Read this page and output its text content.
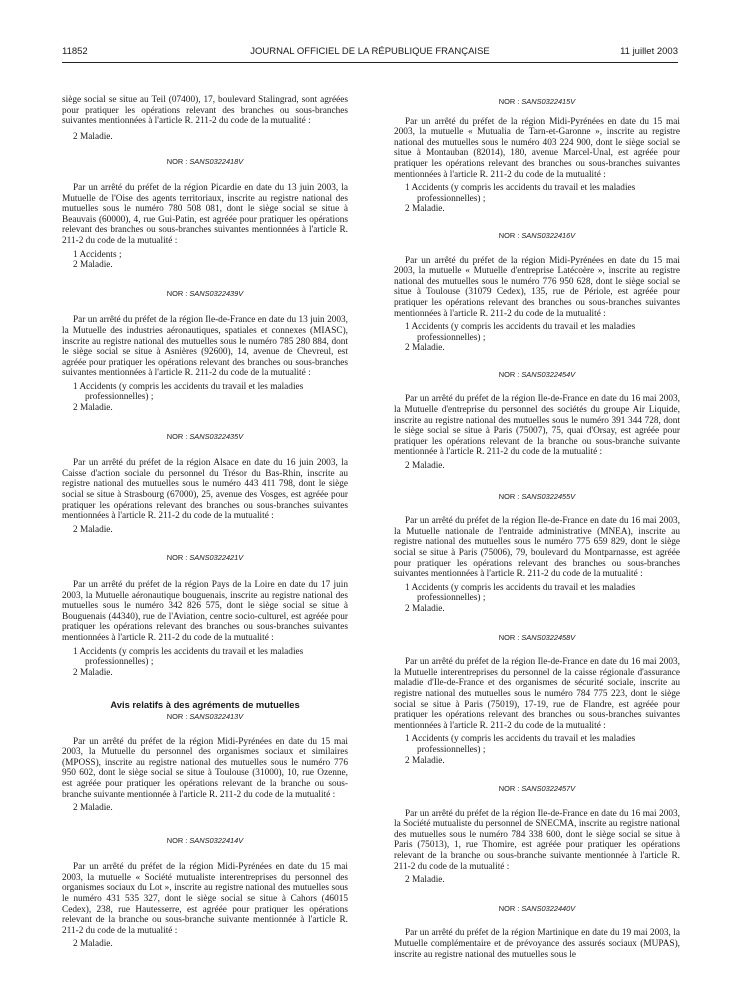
11852	JOURNAL OFFICIEL DE LA RÉPUBLIQUE FRANÇAISE	11 juillet 2003

siège social se situe au Teil (07400), 17, boulevard Stalingrad, sont agréées pour pratiquer les opérations relevant des branches ou sous-branches suivantes mentionnées à l'article R. 211-2 du code de la mutualité :

2 Maladie.

NOR : SANS0322418V

Par un arrêté du préfet de la région Picardie en date du 13 juin 2003, la Mutuelle de l'Oise des agents territoriaux, inscrite au registre national des mutuelles sous le numéro 780 508 081, dont le siège social se situe à Beauvais (60000), 4, rue Gui-Patin, est agréée pour pratiquer les opérations relevant des branches ou sous-branches suivantes mentionnées à l'article R. 211-2 du code de la mutualité :

1 Accidents ;

2 Maladie.

NOR : SANS0322439V

Par un arrêté du préfet de la région Ile-de-France en date du 13 juin 2003, la Mutuelle des industries aéronautiques, spatiales et connexes (MIASC), inscrite au registre national des mutuelles sous le numéro 785 280 884, dont le siège social se situe à Asnières (92600), 14, avenue de Chevreul, est agréée pour pratiquer les opérations relevant des branches ou sous-branches suivantes mentionnées à l'article R. 211-2 du code de la mutualité :

1 Accidents (y compris les accidents du travail et les maladies professionnelles) ;

2 Maladie.

NOR : SANS0322435V

Par un arrêté du préfet de la région Alsace en date du 16 juin 2003, la Caisse d'action sociale du personnel du Trésor du Bas-Rhin, inscrite au registre national des mutuelles sous le numéro 443 411 798, dont le siège social se situe à Strasbourg (67000), 25, avenue des Vosges, est agréée pour pratiquer les opérations relevant des branches ou sous-branches suivantes mentionnées à l'article R. 211-2 du code de la mutualité :

2 Maladie.

NOR : SANS0322421V

Par un arrêté du préfet de la région Pays de la Loire en date du 17 juin 2003, la Mutuelle aéronautique bouguenais, inscrite au registre national des mutuelles sous le numéro 342 826 575, dont le siège social se situe à Bouguenais (44340), rue de l'Aviation, centre socio-culturel, est agréée pour pratiquer les opérations relevant des branches ou sous-branches suivantes mentionnées à l'article R. 211-2 du code de la mutualité :

1 Accidents (y compris les accidents du travail et les maladies professionnelles) ;

2 Maladie.

Avis relatifs à des agréments de mutuelles

NOR : SANS0322413V

Par un arrêté du préfet de la région Midi-Pyrénées en date du 15 mai 2003, la Mutuelle du personnel des organismes sociaux et similaires (MPOSS), inscrite au registre national des mutuelles sous le numéro 776 950 602, dont le siège social se situe à Toulouse (31000), 10, rue Ozenne, est agréée pour pratiquer les opérations relevant de la branche ou sous-branche suivante mentionnée à l'article R. 211-2 du code de la mutualité :

2 Maladie.

NOR : SANS0322414V

Par un arrêté du préfet de la région Midi-Pyrénées en date du 15 mai 2003, la mutuelle « Société mutualiste interentreprises du personnel des organismes sociaux du Lot », inscrite au registre national des mutuelles sous le numéro 431 535 327, dont le siège social se situe à Cahors (46015 Cedex), 238, rue Hautesserre, est agréée pour pratiquer les opérations relevant de la branche ou sous-branche suivante mentionnée à l'article R. 211-2 du code de la mutualité :

2 Maladie.

NOR : SANS0322415V

Par un arrêté du préfet de la région Midi-Pyrénées en date du 15 mai 2003, la mutuelle « Mutualia de Tarn-et-Garonne », inscrite au registre national des mutuelles sous le numéro 403 224 900, dont le siège social se situe à Montauban (82014), 180, avenue Marcel-Unal, est agréée pour pratiquer les opérations relevant des branches ou sous-branches suivantes mentionnées à l'article R. 211-2 du code de la mutualité :

1 Accidents (y compris les accidents du travail et les maladies professionnelles) ;

2 Maladie.

NOR : SANS0322416V

Par un arrêté du préfet de la région Midi-Pyrénées en date du 15 mai 2003, la mutuelle « Mutuelle d'entreprise Latécoère », inscrite au registre national des mutuelles sous le numéro 776 950 628, dont le siège social se situe à Toulouse (31079 Cedex), 135, rue de Périole, est agréée pour pratiquer les opérations relevant des branches ou sous-branches suivantes mentionnées à l'article R. 211-2 du code de la mutualité :

1 Accidents (y compris les accidents du travail et les maladies professionnelles) ;

2 Maladie.

NOR : SANS0322454V

Par un arrêté du préfet de la région Ile-de-France en date du 16 mai 2003, la Mutuelle d'entreprise du personnel des sociétés du groupe Air Liquide, inscrite au registre national des mutuelles sous le numéro 391 344 728, dont le siège social se situe à Paris (75007), 75, quai d'Orsay, est agréée pour pratiquer les opérations relevant de la branche ou sous-branche suivante mentionnée à l'article R. 211-2 du code de la mutualité :

2 Maladie.

NOR : SANS0322455V

Par un arrêté du préfet de la région Ile-de-France en date du 16 mai 2003, la Mutuelle nationale de l'entraide administrative (MNEA), inscrite au registre national des mutuelles sous le numéro 775 659 829, dont le siège social se situe à Paris (75006), 79, boulevard du Montparnasse, est agréée pour pratiquer les opérations relevant des branches ou sous-branches suivantes mentionnées à l'article R. 211-2 du code de la mutualité :

1 Accidents (y compris les accidents du travail et les maladies professionnelles) ;

2 Maladie.

NOR : SANS0322458V

Par un arrêté du préfet de la région Ile-de-France en date du 16 mai 2003, la Mutuelle interentreprises du personnel de la caisse régionale d'assurance maladie d'Ile-de-France et des organismes de sécurité sociale, inscrite au registre national des mutuelles sous le numéro 784 775 223, dont le siège social se situe à Paris (75019), 17-19, rue de Flandre, est agréée pour pratiquer les opérations relevant des branches ou sous-branches suivantes mentionnées à l'article R. 211-2 du code de la mutualité :

1 Accidents (y compris les accidents du travail et les maladies professionnelles) ;

2 Maladie.

NOR : SANS0322457V

Par un arrêté du préfet de la région Ile-de-France en date du 16 mai 2003, la Société mutualiste du personnel de SNECMA, inscrite au registre national des mutuelles sous le numéro 784 338 600, dont le siège social se situe à Paris (75013), 1, rue Thomire, est agréée pour pratiquer les opérations relevant de la branche ou sous-branche suivante mentionnée à l'article R. 211-2 du code de la mutualité :

2 Maladie.

NOR : SANS0322440V

Par un arrêté du préfet de la région Martinique en date du 19 mai 2003, la Mutuelle complémentaire et de prévoyance des assurés sociaux (MUPAS), inscrite au registre national des mutuelles sous le
